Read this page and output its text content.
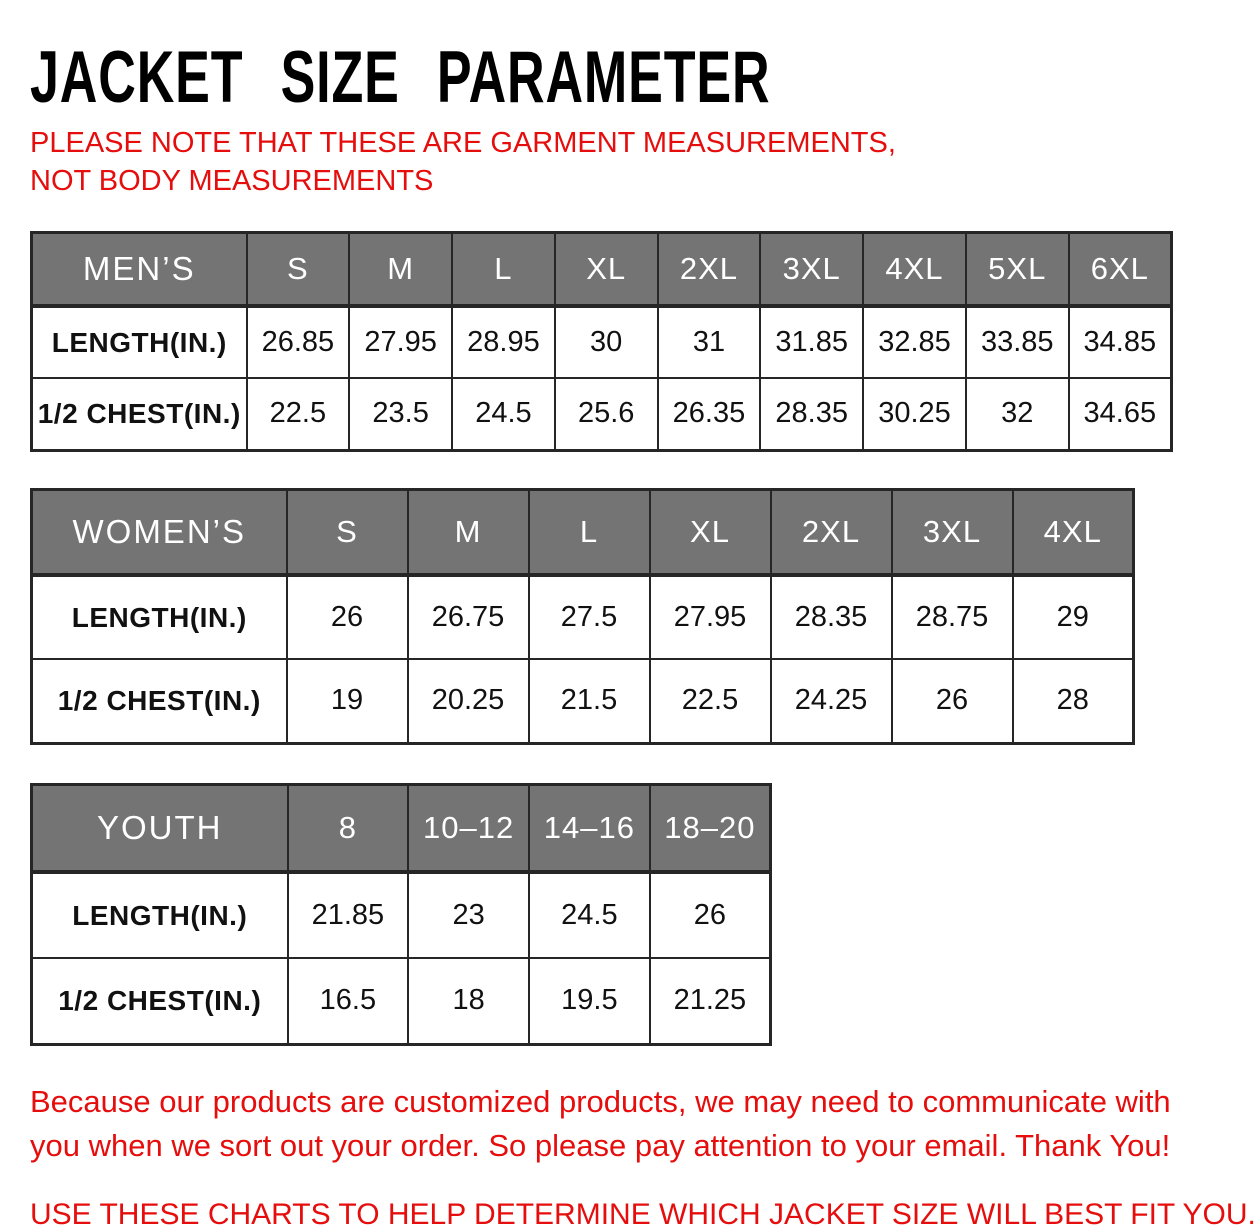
JACKET SIZE PARAMETER
PLEASE NOTE THAT THESE ARE GARMENT MEASUREMENTS, NOT BODY MEASUREMENTS
MEN’S	S	M	L	XL	2XL	3XL	4XL	5XL	6XL
LENGTH(IN.)	26.85	27.95	28.95	30	31	31.85	32.85	33.85	34.85
1/2 CHEST(IN.)	22.5	23.5	24.5	25.6	26.35	28.35	30.25	32	34.65
WOMEN’S	S	M	L	XL	2XL	3XL	4XL
LENGTH(IN.)	26	26.75	27.5	27.95	28.35	28.75	29
1/2 CHEST(IN.)	19	20.25	21.5	22.5	24.25	26	28
YOUTH	8	10–12	14–16	18–20
LENGTH(IN.)	21.85	23	24.5	26
1/2 CHEST(IN.)	16.5	18	19.5	21.25
Because our products are customized products, we may need to communicate with you when we sort out your order. So please pay attention to your email. Thank You!
USE THESE CHARTS TO HELP DETERMINE WHICH JACKET SIZE WILL BEST FIT YOU.
